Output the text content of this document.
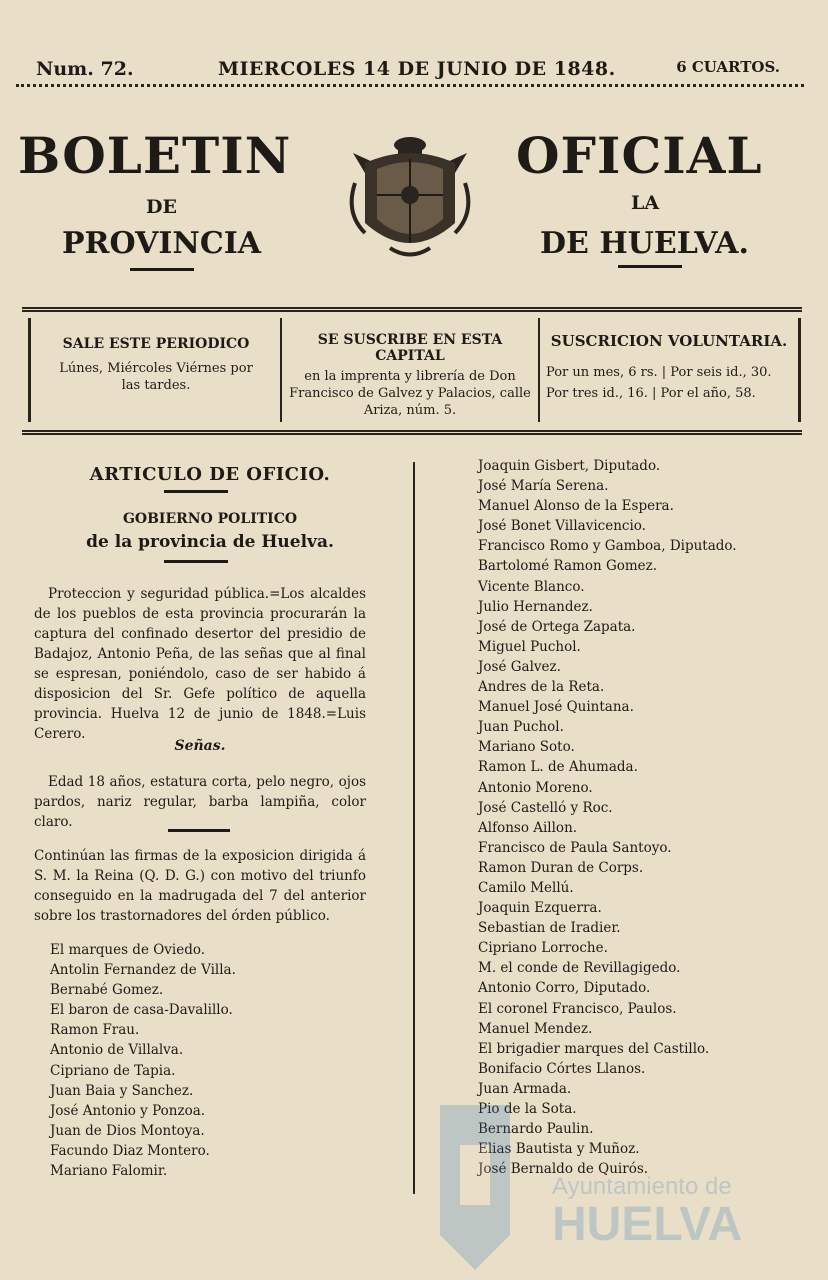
Num. 72.	MIERCOLES 14 DE JUNIO DE 1848.	6 CUARTOS.
BOLETIN
DE
PROVINCIA
OFICIAL
LA
DE HUELVA.
SALE ESTE PERIODICO
Lúnes, Miércoles Viérnes por las tardes.
SE SUSCRIBE EN ESTA CAPITAL
en la imprenta y librería de Don Francisco de Galvez y Palacios, calle Ariza, núm. 5.
SUSCRICION VOLUNTARIA.
Por un mes, 6 rs. | Por seis id., 30.
Por tres id., 16. | Por el año, 58.
ARTICULO DE OFICIO.
GOBIERNO POLITICO
de la provincia de Huelva.
Proteccion y seguridad pública.=Los alcaldes de los pueblos de esta provincia procurarán la captura del confinado desertor del presidio de Badajoz, Antonio Peña, de las señas que al final se espresan, poniéndolo, caso de ser habido á disposicion del Sr. Gefe político de aquella provincia. Huelva 12 de junio de 1848.=Luis Cerero.
Señas.
Edad 18 años, estatura corta, pelo negro, ojos pardos, nariz regular, barba lampiña, color claro.
Continúan las firmas de la exposicion dirigida á S. M. la Reina (Q. D. G.) con motivo del triunfo conseguido en la madrugada del 7 del anterior sobre los trastornadores del órden público.
El marques de Oviedo.
Antolin Fernandez de Villa.
Bernabé Gomez.
El baron de casa-Davalillo.
Ramon Frau.
Antonio de Villalva.
Cipriano de Tapia.
Juan Baia y Sanchez.
José Antonio y Ponzoa.
Juan de Dios Montoya.
Facundo Diaz Montero.
Mariano Falomir.
Joaquin Gisbert, Diputado.
José María Serena.
Manuel Alonso de la Espera.
José Bonet Villavicencio.
Francisco Romo y Gamboa, Diputado.
Bartolomé Ramon Gomez.
Vicente Blanco.
Julio Hernandez.
José de Ortega Zapata.
Miguel Puchol.
José Galvez.
Andres de la Reta.
Manuel José Quintana.
Juan Puchol.
Mariano Soto.
Ramon L. de Ahumada.
Antonio Moreno.
José Castelló y Roc.
Alfonso Aillon.
Francisco de Paula Santoyo.
Ramon Duran de Corps.
Camilo Mellú.
Joaquin Ezquerra.
Sebastian de Iradier.
Cipriano Lorroche.
M. el conde de Revillagigedo.
Antonio Corro, Diputado.
El coronel Francisco, Paulos.
Manuel Mendez.
El brigadier marques del Castillo.
Bonifacio Córtes Llanos.
Juan Armada.
Pio de la Sota.
Bernardo Paulin.
Elias Bautista y Muñoz.
José Bernaldo de Quirós.
Ayuntamiento de
HUELVA
